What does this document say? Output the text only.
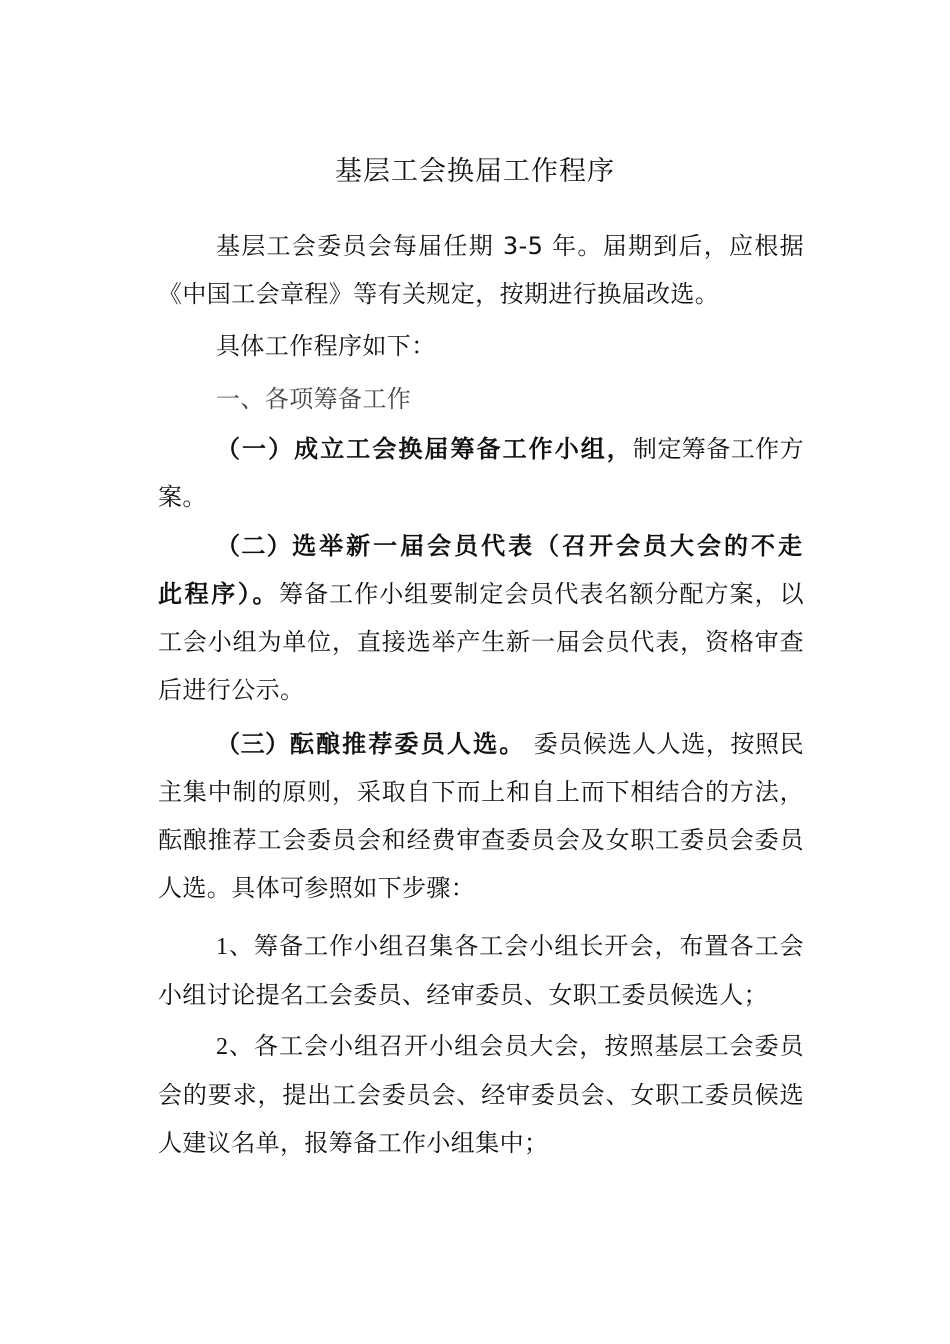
基层工会换届工作程序

基层工会委员会每届任期 3-5 年。届期到后，应根据《中国工会章程》等有关规定，按期进行换届改选。

具体工作程序如下：

一、各项筹备工作

（一）成立工会换届筹备工作小组，制定筹备工作方案。

（二）选举新一届会员代表（召开会员大会的不走此程序）。筹备工作小组要制定会员代表名额分配方案，以工会小组为单位，直接选举产生新一届会员代表，资格审查后进行公示。

（三）酝酿推荐委员人选。 委员候选人人选，按照民主集中制的原则，采取自下而上和自上而下相结合的方法，酝酿推荐工会委员会和经费审查委员会及女职工委员会委员人选。具体可参照如下步骤：

1、筹备工作小组召集各工会小组长开会，布置各工会小组讨论提名工会委员、经审委员、女职工委员候选人；

2、各工会小组召开小组会员大会，按照基层工会委员会的要求，提出工会委员会、经审委员会、女职工委员候选人建议名单，报筹备工作小组集中；
